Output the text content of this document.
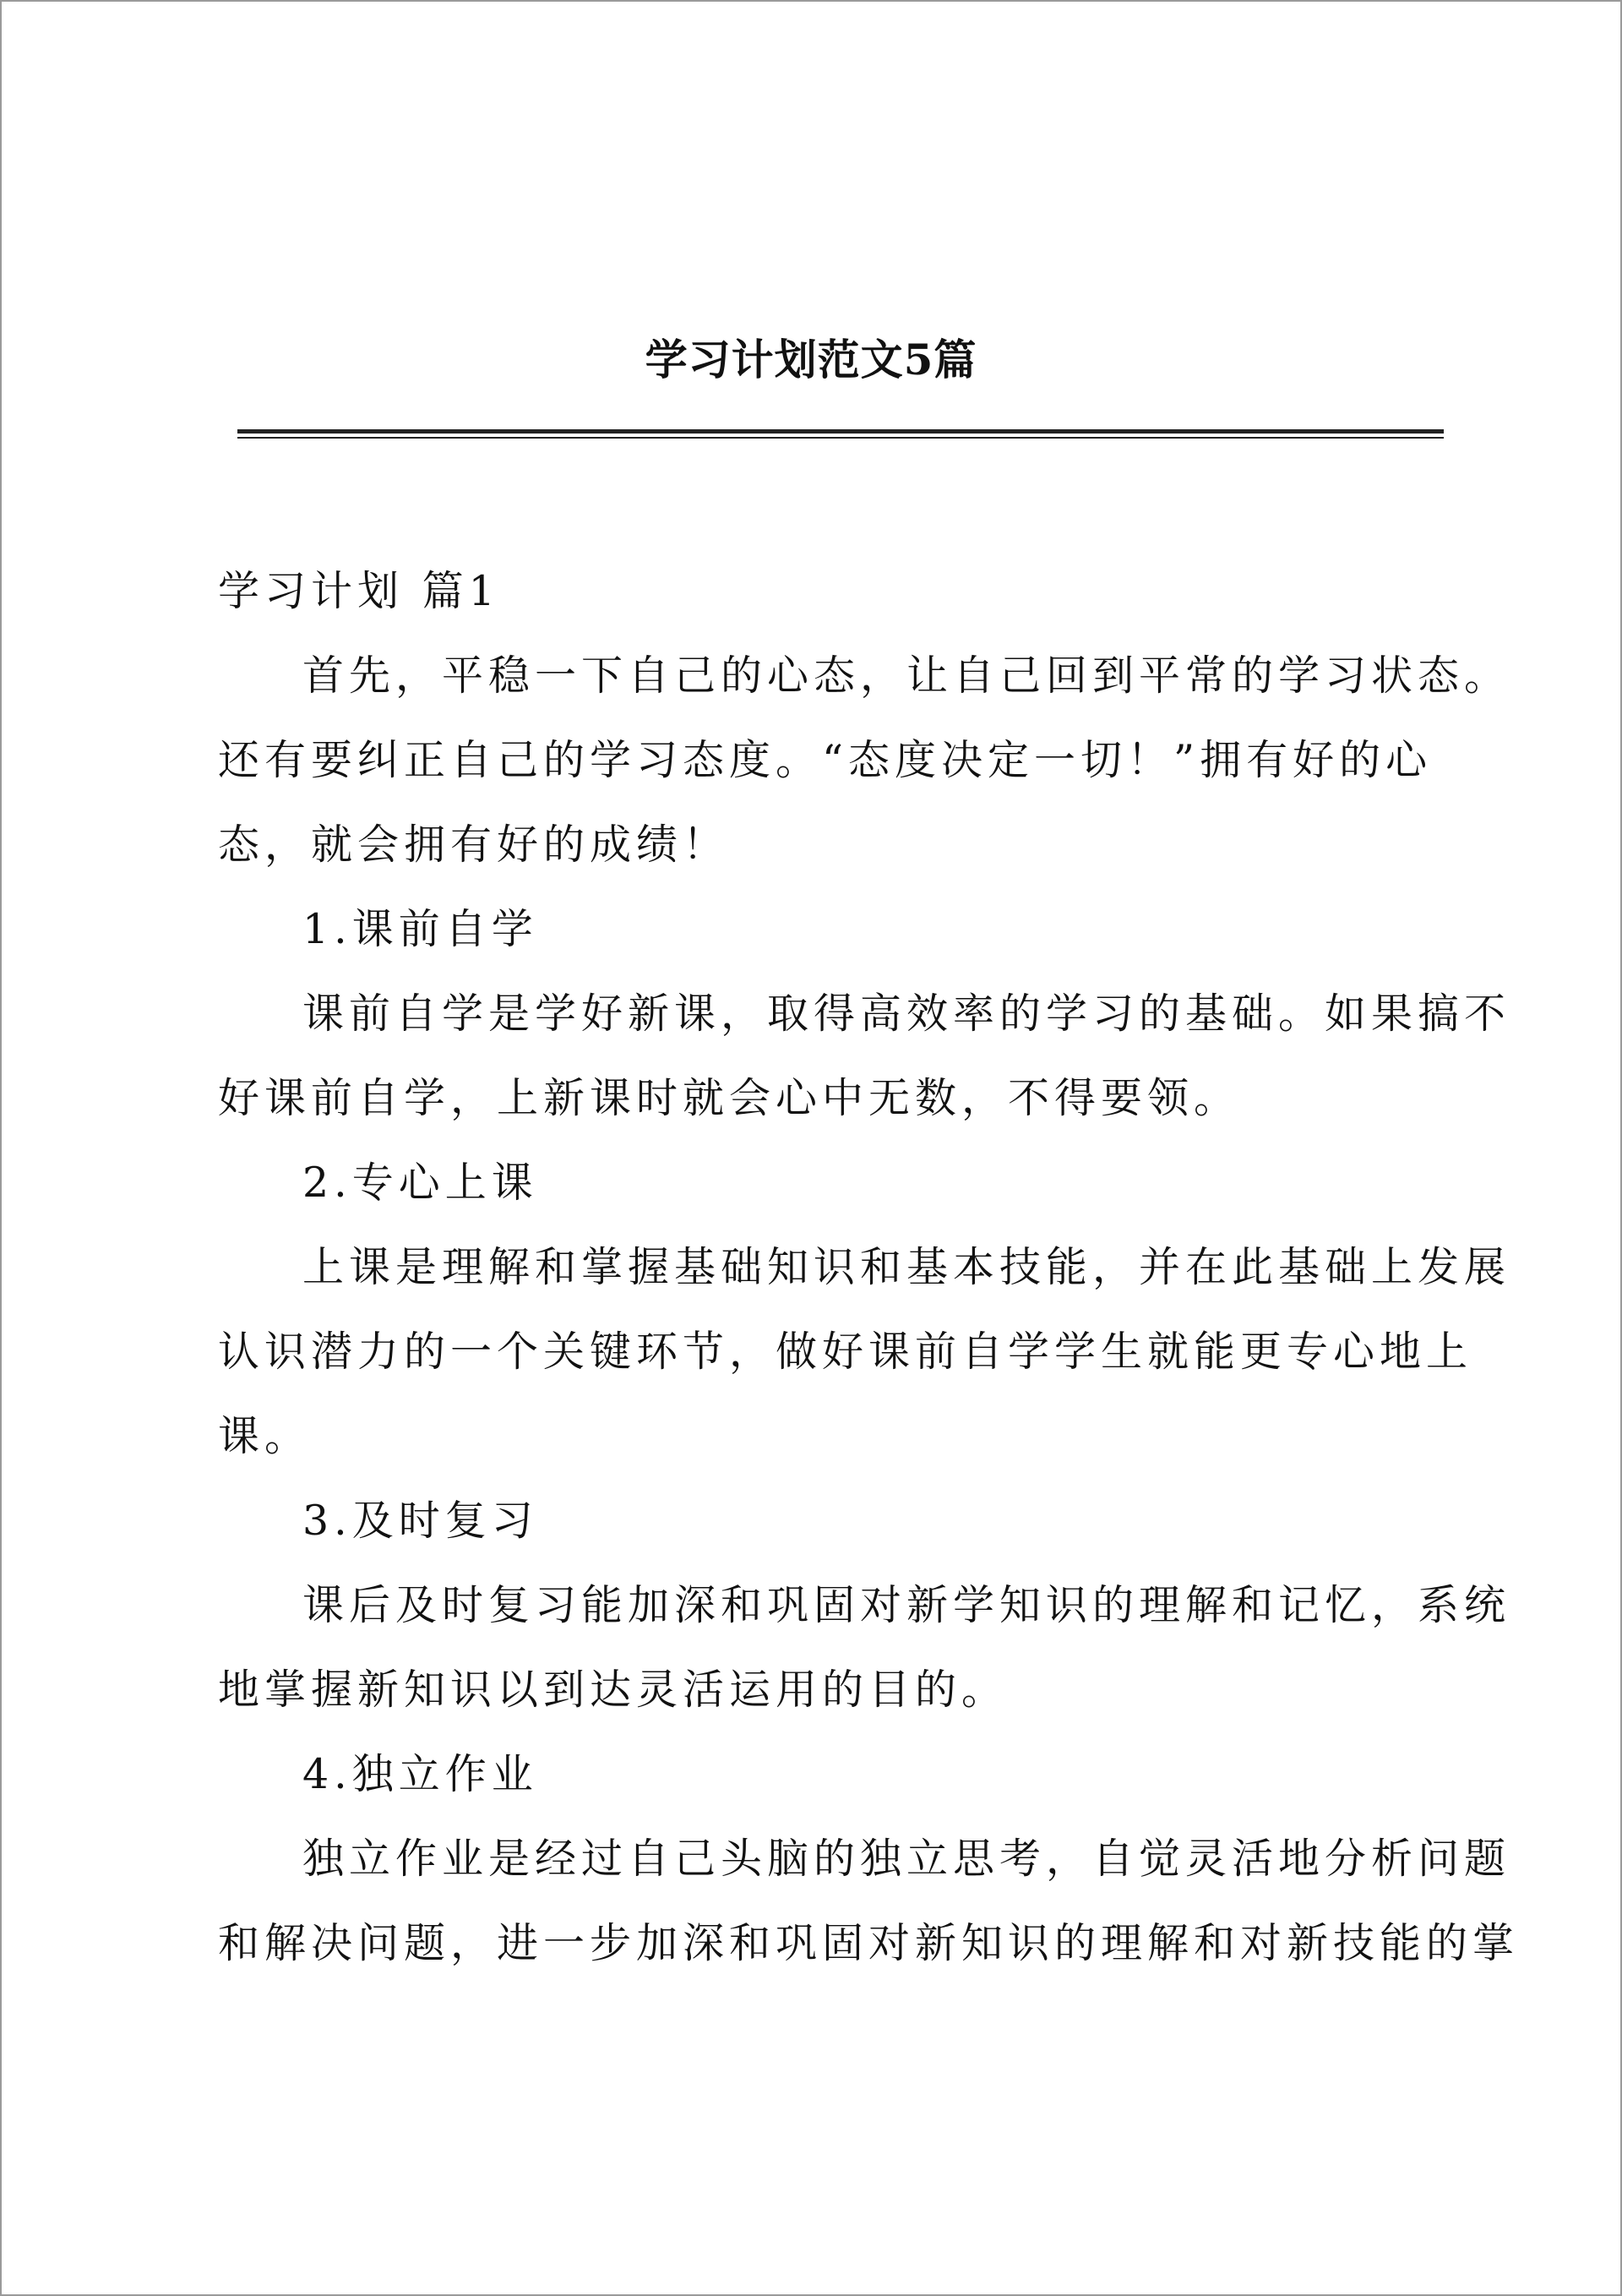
学习计划范文5篇
学习计划 篇1
首先，平稳一下自己的心态，让自己回到平常的学习状态。
还有要纠正自己的学习态度。“态度决定一切！”拥有好的心
态，就会拥有好的成绩！
1.课前自学
课前自学是学好新课，取得高效率的学习的基础。如果搞不
好课前自学，上新课时就会心中无数，不得要领。
2.专心上课
上课是理解和掌握基础知识和基本技能，并在此基础上发展
认识潜力的一个关键环节，做好课前自学学生就能更专心地上
课。
3.及时复习
课后及时复习能加深和巩固对新学知识的理解和记忆，系统
地掌握新知识以到达灵活运用的目的。
4.独立作业
独立作业是经过自己头脑的独立思考，自觉灵活地分析问题
和解决问题，进一步加深和巩固对新知识的理解和对新技能的掌
